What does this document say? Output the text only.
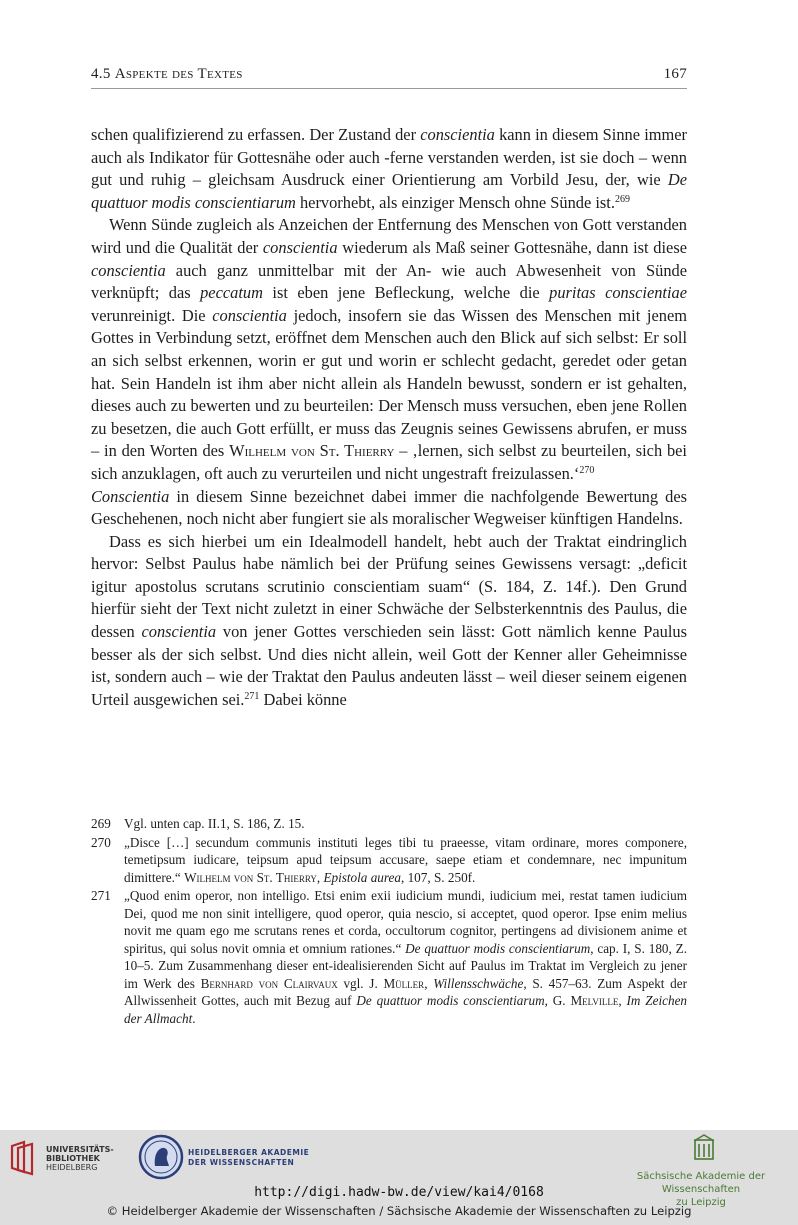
4.5 Aspekte des Textes	167

schen qualifizierend zu erfassen. Der Zustand der conscientia kann in diesem Sinne immer auch als Indikator für Gottesnähe oder auch -ferne verstanden werden, ist sie doch – wenn gut und ruhig – gleichsam Ausdruck einer Orientierung am Vorbild Jesu, der, wie De quattuor modis conscientiarum hervorhebt, als einziger Mensch ohne Sünde ist.$^{269}$

Wenn Sünde zugleich als Anzeichen der Entfernung des Menschen von Gott verstanden wird und die Qualität der conscientia wiederum als Maß seiner Gottesnähe, dann ist diese conscientia auch ganz unmittelbar mit der An- wie auch Abwesenheit von Sünde verknüpft; das peccatum ist eben jene Befleckung, welche die puritas conscientiae verunreinigt. Die conscientia jedoch, insofern sie das Wissen des Menschen mit jenem Gottes in Verbindung setzt, eröffnet dem Menschen auch den Blick auf sich selbst: Er soll an sich selbst erkennen, worin er gut und worin er schlecht gedacht, geredet oder getan hat. Sein Handeln ist ihm aber nicht allein als Handeln bewusst, sondern er ist gehalten, dieses auch zu bewerten und zu beurteilen: Der Mensch muss versuchen, eben jene Rollen zu besetzen, die auch Gott erfüllt, er muss das Zeugnis seines Gewissens abrufen, er muss – in den Worten des Wilhelm von St. Thierry – ‚lernen, sich selbst zu beurteilen, sich bei sich anzuklagen, oft auch zu verurteilen und nicht ungestraft freizulassen.‘$^{270}$
Conscientia in diesem Sinne bezeichnet dabei immer die nachfolgende Bewertung des Geschehenen, noch nicht aber fungiert sie als moralischer Wegweiser künftigen Handelns.

Dass es sich hierbei um ein Idealmodell handelt, hebt auch der Traktat eindringlich hervor: Selbst Paulus habe nämlich bei der Prüfung seines Gewissens versagt: „deficit igitur apostolus scrutans scrutinio conscientiam suam“ (S. 184, Z. 14f.). Den Grund hierfür sieht der Text nicht zuletzt in einer Schwäche der Selbsterkenntnis des Paulus, die dessen conscientia von jener Gottes verschieden sein lässt: Gott nämlich kenne Paulus besser als der sich selbst. Und dies nicht allein, weil Gott der Kenner aller Geheimnisse ist, sondern auch – wie der Traktat den Paulus andeuten lässt – weil dieser seinem eigenen Urteil ausgewichen sei.$^{271}$ Dabei könne

269 Vgl. unten cap. II.1, S. 186, Z. 15.
270 „Disce […] secundum communis instituti leges tibi tu praeesse, vitam ordinare, mores componere, temetipsum iudicare, teipsum apud teipsum accusare, saepe etiam et condemnare, nec impunitum dimittere.“ Wilhelm von St. Thierry, Epistola aurea, 107, S. 250f.
271 „Quod enim operor, non intelligo. Etsi enim exii iudicium mundi, iudicium mei, restat tamen iudicium Dei, quod me non sinit intelligere, quod operor, quia nescio, si acceptet, quod operor. Ipse enim melius novit me quam ego me scrutans renes et corda, occultorum cognitor, pertingens ad divisionem anime et spiritus, qui solus novit omnia et omnium rationes.“ De quattuor modis conscientiarum, cap. I, S. 180, Z. 10–5. Zum Zusammenhang dieser ent-idealisierenden Sicht auf Paulus im Traktat im Vergleich zu jener im Werk des Bernhard von Clairvaux vgl. J. Müller, Willensschwäche, S. 457–63. Zum Aspekt der Allwissenheit Gottes, auch mit Bezug auf De quattuor modis conscientiarum, G. Melville, Im Zeichen der Allmacht.
UNIVERSITÄTS-
BIBLIOTHEK
HEIDELBERG
HEIDELBERGER AKADEMIE
DER WISSENSCHAFTEN
Sächsische Akademie der Wissenschaften
zu Leipzig
http://digi.hadw-bw.de/view/kai4/0168
© Heidelberger Akademie der Wissenschaften / Sächsische Akademie der Wissenschaften zu Leipzig
